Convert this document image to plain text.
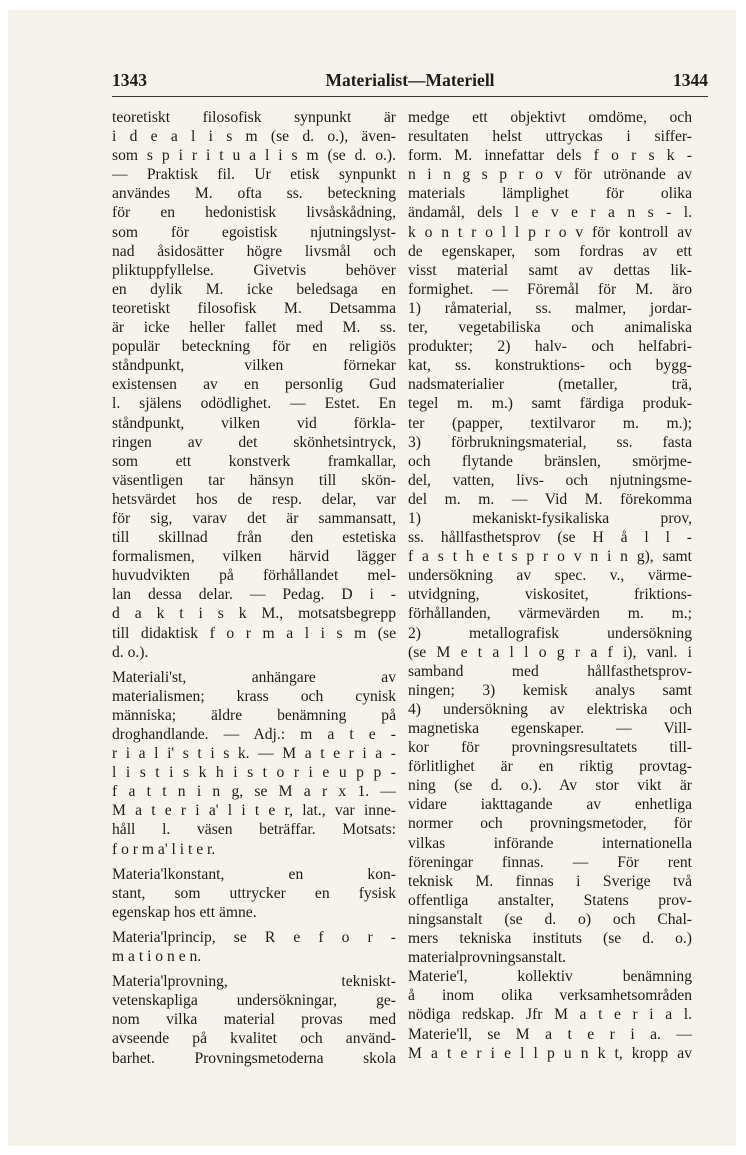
1343	Materialist—Materiell	1344
teoretiskt filosofisk synpunkt är
i d e a l i s m (se d. o.), även-
som s p i r i t u a l i s m (se d. o.).
— Praktisk fil. Ur etisk synpunkt
användes M. ofta ss. beteckning
för en hedonistisk livsåskådning,
som för egoistisk njutningslyst-
nad åsidosätter högre livsmål och
pliktuppfyllelse. Givetvis behöver
en dylik M. icke beledsaga en
teoretiskt filosofisk M. Detsamma
är icke heller fallet med M. ss.
populär beteckning för en religiös
ståndpunkt, vilken förnekar
existensen av en personlig Gud
l. själens odödlighet. — Estet. En
ståndpunkt, vilken vid förkla-
ringen av det skönhetsintryck,
som ett konstverk framkallar,
väsentligen tar hänsyn till skön-
hetsvärdet hos de resp. delar, var
för sig, varav det är sammansatt,
till skillnad från den estetiska
formalismen, vilken härvid lägger
huvudvikten på förhållandet mel-
lan dessa delar. — Pedag. D i -
d a k t i s k M., motsatsbegrepp
till didaktisk f o r m a l i s m (se
d. o.).
Materiali'st, anhängare av
materialismen; krass och cynisk
människa; äldre benämning på
droghandlande. — Adj.: m a t e -
r i a l i' s t i s k. — M a t e r i a -
l i s t i s k h i s t o r i e u p p -
f a t t n i n g, se M a r x 1. —
M a t e r i a' l i t e r, lat., var inne-
håll l. väsen beträffar. Motsats:
f o r m a' l i t e r.
Materia'lkonstant, en kon-
stant, som uttrycker en fysisk
egenskap hos ett ämne.
Materia'lprincip, se R e f o r -
m a t i o n e n.
Materia'lprovning, tekniskt-
vetenskapliga undersökningar, ge-
nom vilka material provas med
avseende på kvalitet och använd-
barhet. Provningsmetoderna skola
medge ett objektivt omdöme, och
resultaten helst uttryckas i siffer-
form. M. innefattar dels f o r s k -
n i n g s p r o v för utrönande av
materials lämplighet för olika
ändamål, dels l e v e r a n s - l.
k o n t r o l l p r o v för kontroll av
de egenskaper, som fordras av ett
visst material samt av dettas lik-
formighet. — Föremål för M. äro
1) råmaterial, ss. malmer, jordar-
ter, vegetabiliska och animaliska
produkter; 2) halv- och helfabri-
kat, ss. konstruktions- och bygg-
nadsmaterialier (metaller, trä,
tegel m. m.) samt färdiga produk-
ter (papper, textilvaror m. m.);
3) förbrukningsmaterial, ss. fasta
och flytande bränslen, smörjme-
del, vatten, livs- och njutningsme-
del m. m. — Vid M. förekomma
1) mekaniskt-fysikaliska prov,
ss. hållfasthetsprov (se H å l l -
f a s t h e t s p r o v n i n g), samt
undersökning av spec. v., värme-
utvidgning, viskositet, friktions-
förhållanden, värmevärden m. m.;
2) metallografisk undersökning
(se M e t a l l o g r a f i), vanl. i
samband med hållfasthetsprov-
ningen; 3) kemisk analys samt
4) undersökning av elektriska och
magnetiska egenskaper. — Vill-
kor för provningsresultatets till-
förlitlighet är en riktig provtag-
ning (se d. o.). Av stor vikt är
vidare iakttagande av enhetliga
normer och provningsmetoder, för
vilkas införande internationella
föreningar finnas. — För rent
teknisk M. finnas i Sverige två
offentliga anstalter, Statens prov-
ningsanstalt (se d. o) och Chal-
mers tekniska instituts (se d. o.)
materialprovningsanstalt.
Materie'l, kollektiv benämning
å inom olika verksamhetsområden
nödiga redskap. Jfr M a t e r i a l.
Materie'll, se M a t e r i a. —
M a t e r i e l l p u n k t, kropp av
